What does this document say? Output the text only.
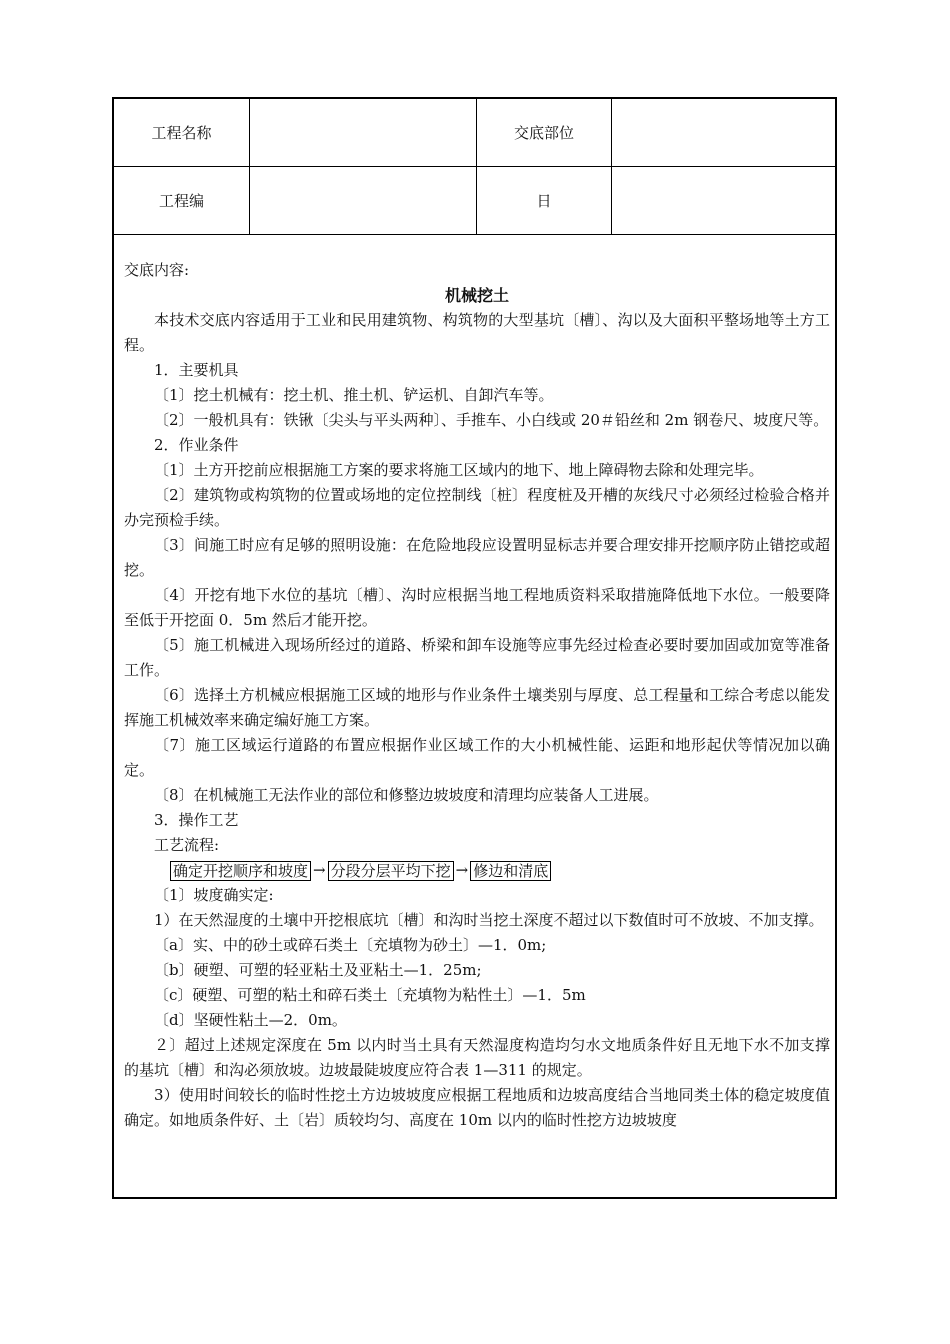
工程名称	交底部位
工程编	日

交底内容:

机械挖土

本技术交底内容适用于工业和民用建筑物、构筑物的大型基坑〔槽〕、沟以及大面积平整场地等土方工程。

1．主要机具

〔1〕挖土机械有：挖土机、推土机、铲运机、自卸汽车等。

〔2〕一般机具有：铁锹〔尖头与平头两种〕、手推车、小白线或 20＃铅丝和 2m 钢卷尺、坡度尺等。

2．作业条件

〔1〕土方开挖前应根据施工方案的要求将施工区域内的地下、地上障碍物去除和处理完毕。

〔2〕建筑物或构筑物的位置或场地的定位控制线〔桩〕程度桩及开槽的灰线尺寸必须经过检验合格并办完预检手续。

〔3〕间施工时应有足够的照明设施：在危险地段应设置明显标志并要合理安排开挖顺序防止错挖或超挖。

〔4〕开挖有地下水位的基坑〔槽〕、沟时应根据当地工程地质资料采取措施降低地下水位。一般要降至低于开挖面 0．5m 然后才能开挖。

〔5〕施工机械进入现场所经过的道路、桥梁和卸车设施等应事先经过检查必要时要加固或加宽等准备工作。

〔6〕选择土方机械应根据施工区域的地形与作业条件土壤类别与厚度、总工程量和工综合考虑以能发挥施工机械效率来确定编好施工方案。

〔7〕施工区域运行道路的布置应根据作业区域工作的大小机械性能、运距和地形起伏等情况加以确定。

〔8〕在机械施工无法作业的部位和修整边坡坡度和清理均应装备人工进展。

3．操作工艺

工艺流程:

确定开挖顺序和坡度 → 分段分层平均下挖 → 修边和清底

〔1〕坡度确实定:

1）在天然湿度的土壤中开挖根底坑〔槽〕和沟时当挖土深度不超过以下数值时可不放坡、不加支撑。

〔a〕实、中的砂土或碎石类土〔充填物为砂土〕—1．0m;

〔b〕硬塑、可塑的轻亚粘土及亚粘土—1．25m;

〔c〕硬塑、可塑的粘土和碎石类土〔充填物为粘性土〕—1．5m

〔d〕坚硬性粘土—2．0m。

２〕超过上述规定深度在 5m 以内时当土具有天然湿度构造均匀水文地质条件好且无地下水不加支撑的基坑〔槽〕和沟必须放坡。边坡最陡坡度应符合表 1—311 的规定。

3）使用时间较长的临时性挖土方边坡坡度应根据工程地质和边坡高度结合当地同类土体的稳定坡度值确定。如地质条件好、土〔岩〕质较均匀、高度在 10m 以内的临时性挖方边坡坡度
